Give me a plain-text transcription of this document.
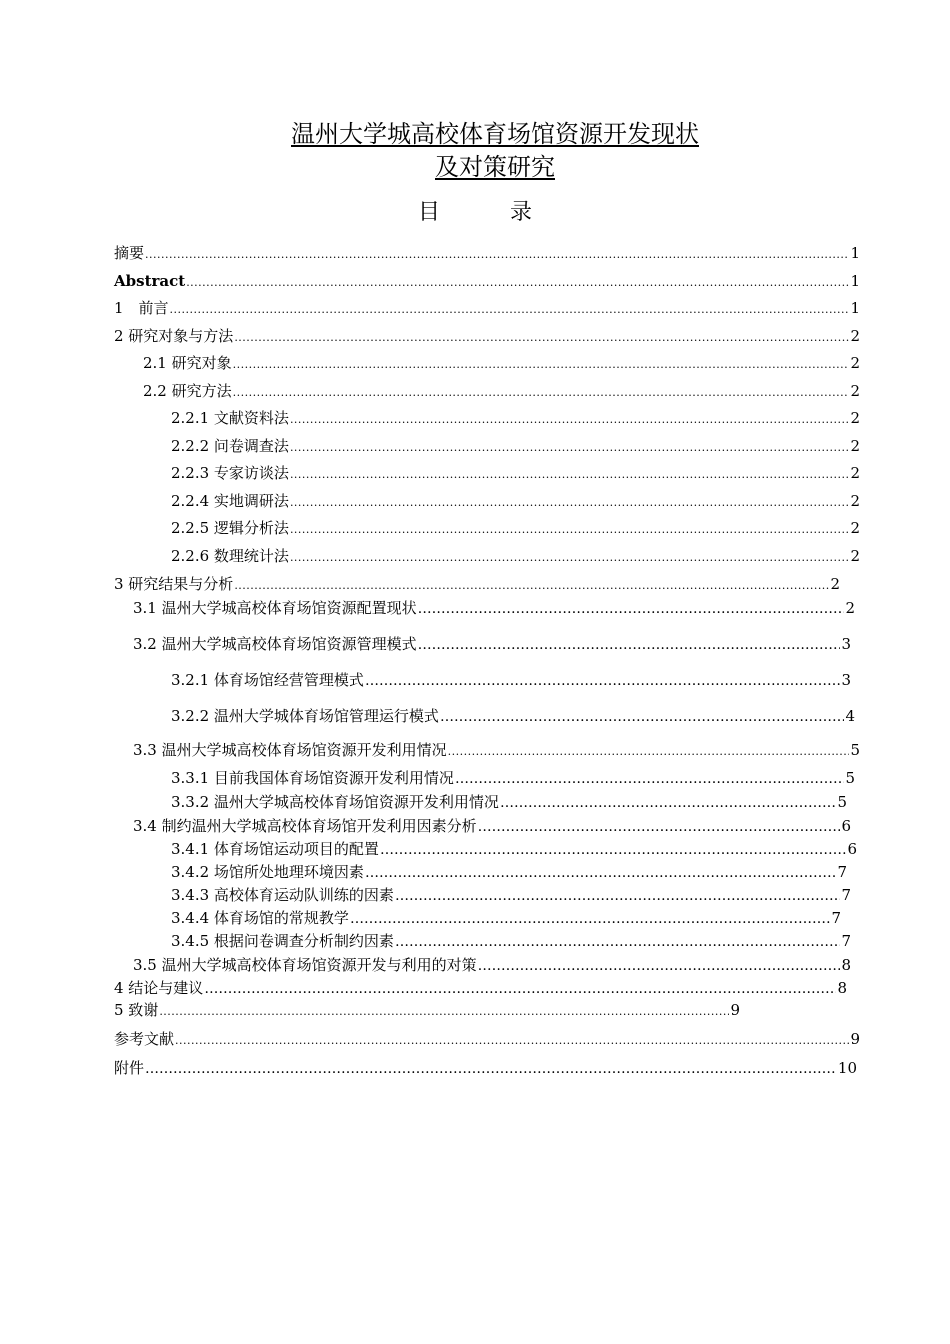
温州大学城高校体育场馆资源开发现状
及对策研究
目	录
摘要 .....	1
Abstract .....	1
1　前言 .....	1
2 研究对象与方法 .....	2
2.1 研究对象 .....	2
2.2 研究方法 .....	2
2.2.1 文献资料法 .....	2
2.2.2 问卷调查法 .....	2
2.2.3 专家访谈法 .....	2
2.2.4 实地调研法 .....	2
2.2.5 逻辑分析法 .....	2
2.2.6 数理统计法 .....	2
3 研究结果与分析 .....	2
3.1 温州大学城高校体育场馆资源配置现状 …………………………………………………………………………………………………………………………………………………………………………………………………………………………	2
3.2 温州大学城高校体育场馆资源管理模式 …………………………………………………………………………………………………………………………………………………………………………………………………………………………	3
3.2.1 体育场馆经营管理模式 …………………………………………………………………………………………………………………………………………………………………………………………………………………………	3
3.2.2 温州大学城体育场馆管理运行模式 …………………………………………………………………………………………………………………………………………………………………………………………………………………………	4
3.3 温州大学城高校体育场馆资源开发利用情况 .....	5
3.3.1 目前我国体育场馆资源开发利用情况 …………………………………………………………………………………………………………………………………………………………………………………………………………………………	5
3.3.2 温州大学城高校体育场馆资源开发利用情况 …………………………………………………………………………………………………………………………………………………………………………………………………………………………	5
3.4 制约温州大学城高校体育场馆开发利用因素分析 …………………………………………………………………………………………………………………………………………………………………………………………………………………………	6
3.4.1 体育场馆运动项目的配置 …………………………………………………………………………………………………………………………………………………………………………………………………………………………	6
3.4.2 场馆所处地理环境因素 …………………………………………………………………………………………………………………………………………………………………………………………………………………………	7
3.4.3 高校体育运动队训练的因素 …………………………………………………………………………………………………………………………………………………………………………………………………………………………	7
3.4.4 体育场馆的常规教学 …………………………………………………………………………………………………………………………………………………………………………………………………………………………	7
3.4.5 根据问卷调查分析制约因素 …………………………………………………………………………………………………………………………………………………………………………………………………………………………	7
3.5 温州大学城高校体育场馆资源开发与利用的对策 …………………………………………………………………………………………………………………………………………………………………………………………………………………………	8
4 结论与建议 …………………………………………………………………………………………………………………………………………………………………………………………………………………………	8
5 致谢 .....	9
参考文献 .....	9
附件 …………………………………………………………………………………………………………………………………………………………………………………………………………………………	10
